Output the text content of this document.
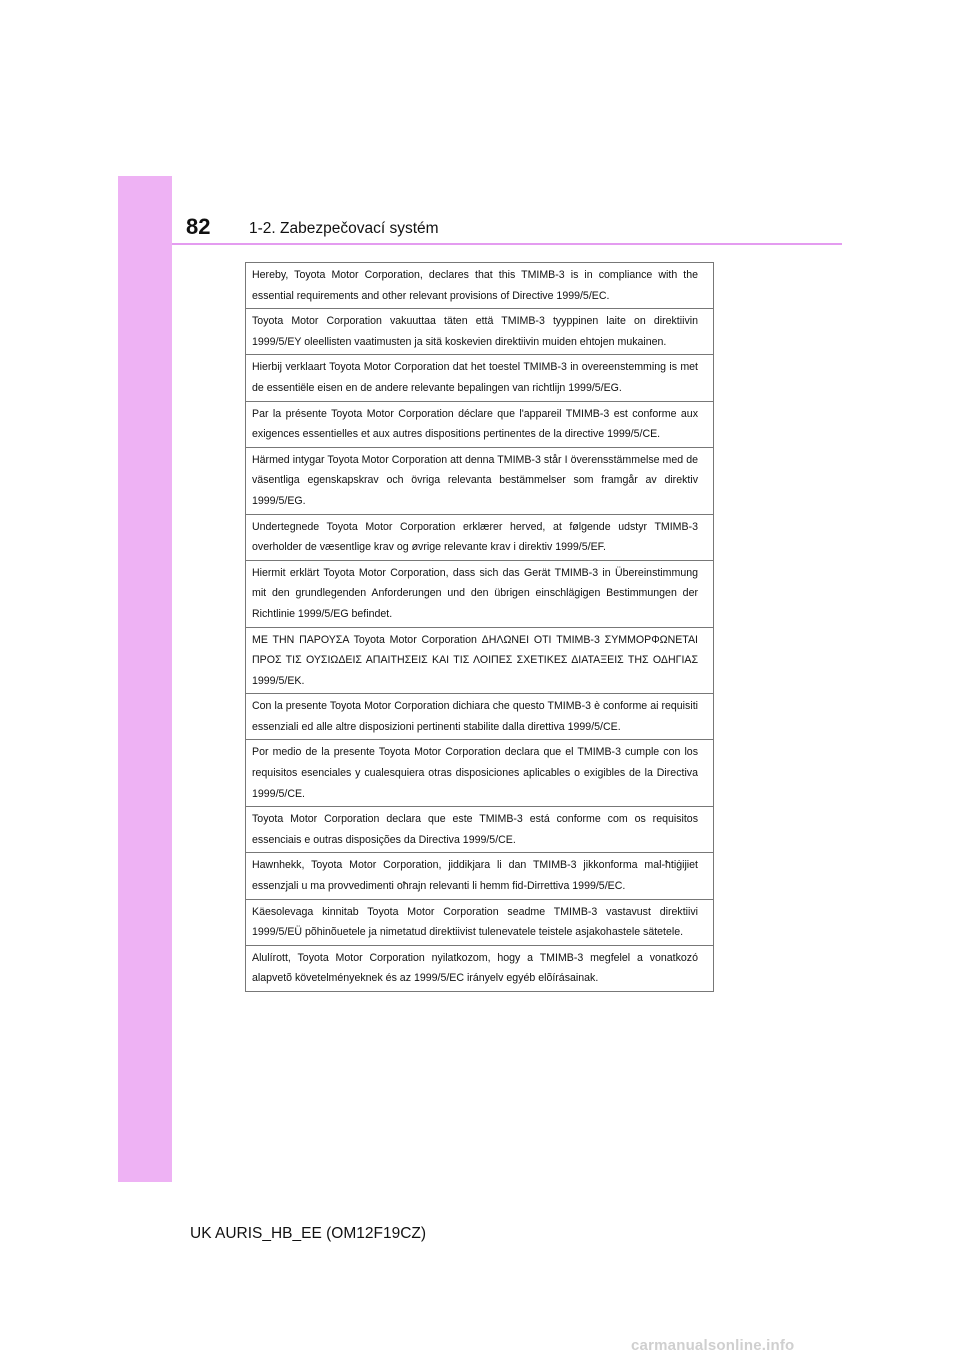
82 1-2. Zabezpečovací systém
Hereby, Toyota Motor Corporation, declares that this TMIMB-3 is in compliance with the essential requirements and other relevant provisions of Directive 1999/5/EC.
Toyota Motor Corporation vakuuttaa täten että TMIMB-3 tyyppinen laite on direktiivin 1999/5/EY oleellisten vaatimusten ja sitä koskevien direktiivin muiden ehtojen mukainen.
Hierbij verklaart Toyota Motor Corporation dat het toestel TMIMB-3 in overeenstemming is met de essentiële eisen en de andere relevante bepalingen van richtlijn 1999/5/EG.
Par la présente Toyota Motor Corporation déclare que l'appareil TMIMB-3 est conforme aux exigences essentielles et aux autres dispositions pertinentes de la directive 1999/5/CE.
Härmed intygar Toyota Motor Corporation att denna TMIMB-3 står I överensstämmelse med de väsentliga egenskapskrav och övriga relevanta bestämmelser som framgår av direktiv 1999/5/EG.
Undertegnede Toyota Motor Corporation erklærer herved, at følgende udstyr TMIMB-3 overholder de væsentlige krav og øvrige relevante krav i direktiv 1999/5/EF.
Hiermit erklärt Toyota Motor Corporation, dass sich das Gerät TMIMB-3 in Übereinstimmung mit den grundlegenden Anforderungen und den übrigen einschlägigen Bestimmungen der Richtlinie 1999/5/EG befindet.
ΜΕ ΤΗΝ ΠΑΡΟΥΣΑ Toyota Motor Corporation ΔΗΛΩΝΕΙ ΟΤΙ TMIMB-3 ΣΥΜΜΟΡΦΩΝΕΤΑΙ ΠΡΟΣ ΤΙΣ ΟΥΣΙΩΔΕΙΣ ΑΠΑΙΤΗΣΕΙΣ ΚΑΙ ΤΙΣ ΛΟΙΠΕΣ ΣΧΕΤΙΚΕΣ ΔΙΑΤΑΞΕΙΣ ΤΗΣ ΟΔΗΓΙΑΣ 1999/5/ΕΚ.
Con la presente Toyota Motor Corporation dichiara che questo TMIMB-3 è conforme ai requisiti essenziali ed alle altre disposizioni pertinenti stabilite dalla direttiva 1999/5/CE.
Por medio de la presente Toyota Motor Corporation declara que el TMIMB-3 cumple con los requisitos esenciales y cualesquiera otras disposiciones aplicables o exigibles de la Directiva 1999/5/CE.
Toyota Motor Corporation declara que este TMIMB-3 está conforme com os requisitos essenciais e outras disposições da Directiva 1999/5/CE.
Hawnhekk, Toyota Motor Corporation, jiddikjara li dan TMIMB-3 jikkonforma mal-ħtiġijiet essenzjali u ma provvedimenti oħrajn relevanti li hemm fid-Dirrettiva 1999/5/EC.
Käesolevaga kinnitab Toyota Motor Corporation seadme TMIMB-3 vastavust direktiivi 1999/5/EÜ põhinõuetele ja nimetatud direktiivist tulenevatele teistele asjakohastele sätetele.
Alulírott, Toyota Motor Corporation nyilatkozom, hogy a TMIMB-3 megfelel a vonatkozó alapvetõ követelményeknek és az 1999/5/EC irányelv egyéb elõírásainak.
UK AURIS_HB_EE (OM12F19CZ)
carmanualsonline.info
